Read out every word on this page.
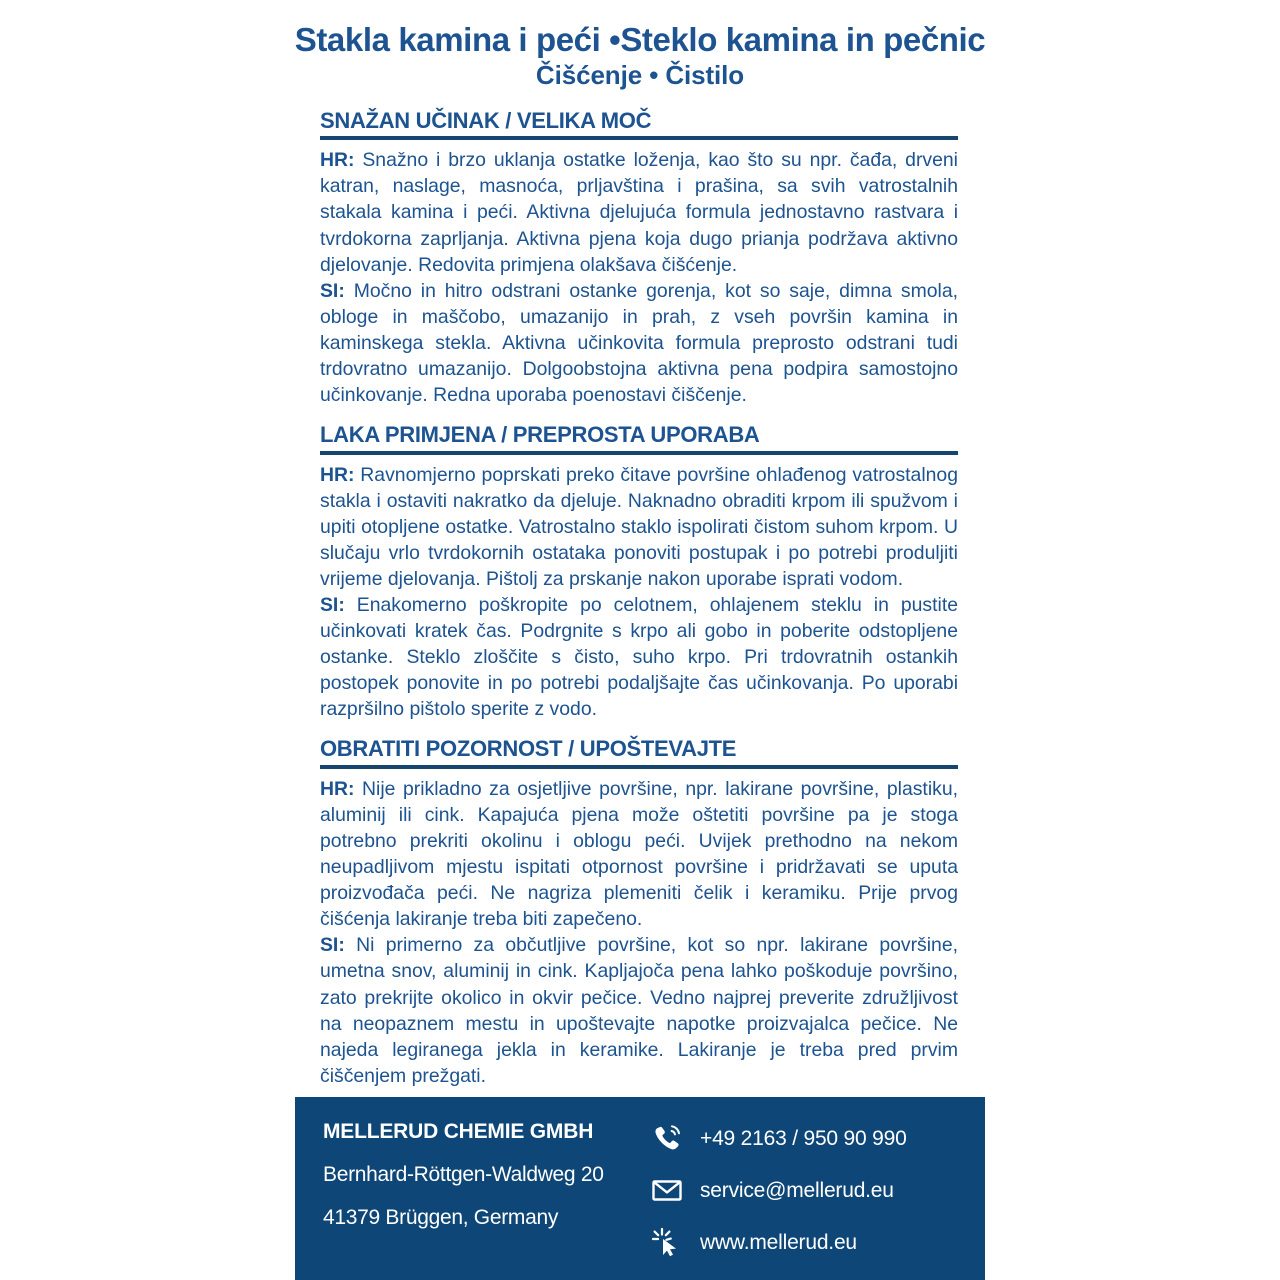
Stakla kamina i peći •Steklo kamina in pečnic
Čišćenje • Čistilo
SNAŽAN UČINAK / VELIKA MOČ

HR: Snažno i brzo uklanja ostatke loženja, kao što su npr. čađa, drveni katran, naslage, masnoća, prljavština i prašina, sa svih vatrostalnih stakala kamina i peći. Aktivna djelujuća formula jednostavno rastvara i tvrdokorna zaprljanja. Aktivna pjena koja dugo prianja podržava aktivno djelovanje. Redovita primjena olakšava čišćenje.

SI: Močno in hitro odstrani ostanke gorenja, kot so saje, dimna smola, obloge in maščobo, umazanijo in prah, z vseh površin kamina in kaminskega stekla. Aktivna učinkovita formula preprosto odstrani tudi trdovratno umazanijo. Dolgoobstojna aktivna pena podpira samostojno učinkovanje. Redna uporaba poenostavi čiščenje.

LAKA PRIMJENA / PREPROSTA UPORABA

HR: Ravnomjerno poprskati preko čitave površine ohlađenog vatrostalnog stakla i ostaviti nakratko da djeluje. Naknadno obraditi krpom ili spužvom i upiti otopljene ostatke. Vatrostalno staklo ispolirati čistom suhom krpom. U slučaju vrlo tvrdokornih ostataka ponoviti postupak i po potrebi produljiti vrijeme djelovanja. Pištolj za prskanje nakon uporabe isprati vodom.

SI: Enakomerno poškropite po celotnem, ohlajenem steklu in pustite učinkovati kratek čas. Podrgnite s krpo ali gobo in poberite odstopljene ostanke. Steklo zloščite s čisto, suho krpo. Pri trdovratnih ostankih postopek ponovite in po potrebi podaljšajte čas učinkovanja. Po uporabi razpršilno pištolo sperite z vodo.

OBRATITI POZORNOST / UPOŠTEVAJTE

HR: Nije prikladno za osjetljive površine, npr. lakirane površine, plastiku, aluminij ili cink. Kapajuća pjena može oštetiti površine pa je stoga potrebno prekriti okolinu i oblogu peći. Uvijek prethodno na nekom neupadljivom mjestu ispitati otpornost površine i pridržavati se uputa proizvođača peći. Ne nagriza plemeniti čelik i keramiku. Prije prvog čišćenja lakiranje treba biti zapečeno.

SI: Ni primerno za občutljive površine, kot so npr. lakirane površine, umetna snov, aluminij in cink. Kapljajoča pena lahko poškoduje površino, zato prekrijte okolico in okvir pečice. Vedno najprej preverite združljivost na neopaznem mestu in upoštevajte napotke proizvajalca pečice. Ne najeda legiranega jekla in keramike. Lakiranje je treba pred prvim čiščenjem prežgati.

MELLERUD CHEMIE GMBH
Bernhard-Röttgen-Waldweg 20
41379 Brüggen, Germany
+49 2163 / 950 90 990
service@mellerud.eu
www.mellerud.eu
